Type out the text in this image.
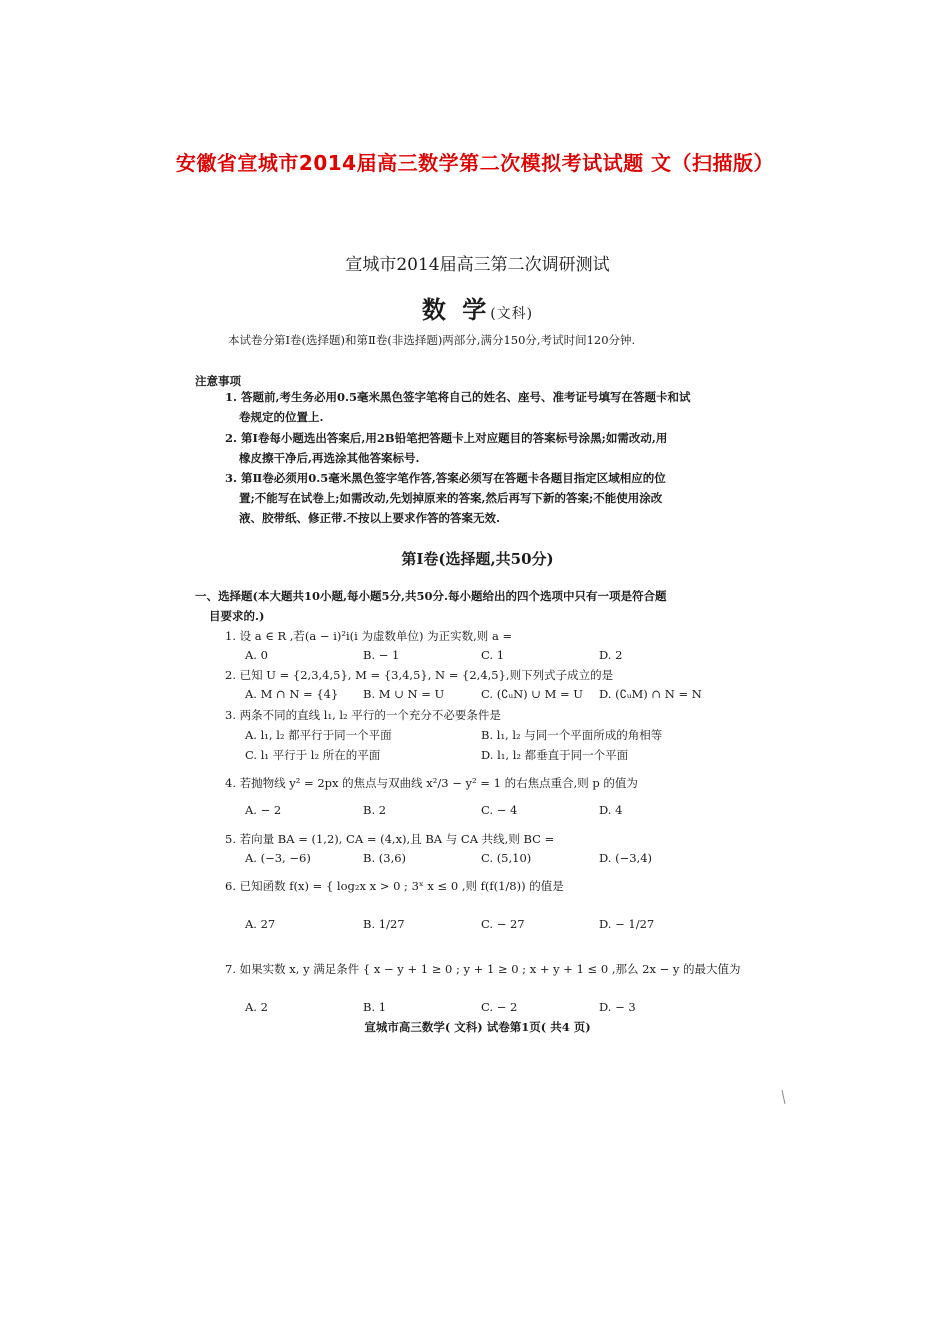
安徽省宣城市2014届高三数学第二次模拟考试试题 文（扫描版）
宣城市2014届高三第二次调研测试
数 学(文科)
本试卷分第Ⅰ卷(选择题)和第Ⅱ卷(非选择题)两部分,满分150分,考试时间120分钟.
注意事项
1. 答题前,考生务必用0.5毫米黑色签字笔将自己的姓名、座号、准考证号填写在答题卡和试
卷规定的位置上.
2. 第Ⅰ卷每小题选出答案后,用2B铅笔把答题卡上对应题目的答案标号涂黑;如需改动,用
橡皮擦干净后,再选涂其他答案标号.
3. 第Ⅱ卷必须用0.5毫米黑色签字笔作答,答案必须写在答题卡各题目指定区域相应的位
置;不能写在试卷上;如需改动,先划掉原来的答案,然后再写下新的答案;不能使用涂改
液、胶带纸、修正带.不按以上要求作答的答案无效.
第Ⅰ卷(选择题,共50分)
一、选择题(本大题共10小题,每小题5分,共50分.每小题给出的四个选项中只有一项是符合题
目要求的.)
1. 设 a ∈ R ,若(a − i)²i(i 为虚数单位) 为正实数,则 a =
A. 0	B. − 1	C. 1	D. 2
2. 已知 U = {2,3,4,5}, M = {3,4,5}, N = {2,4,5},则下列式子成立的是
A. M ∩ N = {4} B. M ∪ N = U	C. (∁ᵤN) ∪ M = U D. (∁ᵤM) ∩ N = N
3. 两条不同的直线 l₁, l₂ 平行的一个充分不必要条件是
A. l₁, l₂ 都平行于同一个平面	B. l₁, l₂ 与同一个平面所成的角相等
C. l₁ 平行于 l₂ 所在的平面	D. l₁, l₂ 都垂直于同一个平面
4. 若抛物线 y² = 2px 的焦点与双曲线 x²/3 − y² = 1 的右焦点重合,则 p 的值为
A. − 2	B. 2	C. − 4	D. 4
5. 若向量 BA = (1,2), CA = (4,x),且 BA 与 CA 共线,则 BC =
A. (−3, −6)	B. (3,6)	C. (5,10)	D. (−3,4)
6. 已知函数 f(x) = { log₂x x > 0 ; 3ˣ x ≤ 0 ,则 f(f(1/8)) 的值是
A. 27	B. 1/27	C. − 27	D. − 1/27
7. 如果实数 x, y 满足条件 { x − y + 1 ≥ 0 ; y + 1 ≥ 0 ; x + y + 1 ≤ 0 ,那么 2x − y 的最大值为
A. 2	B. 1	C. − 2	D. − 3
宣城市高三数学( 文科) 试卷第1页( 共4 页)
